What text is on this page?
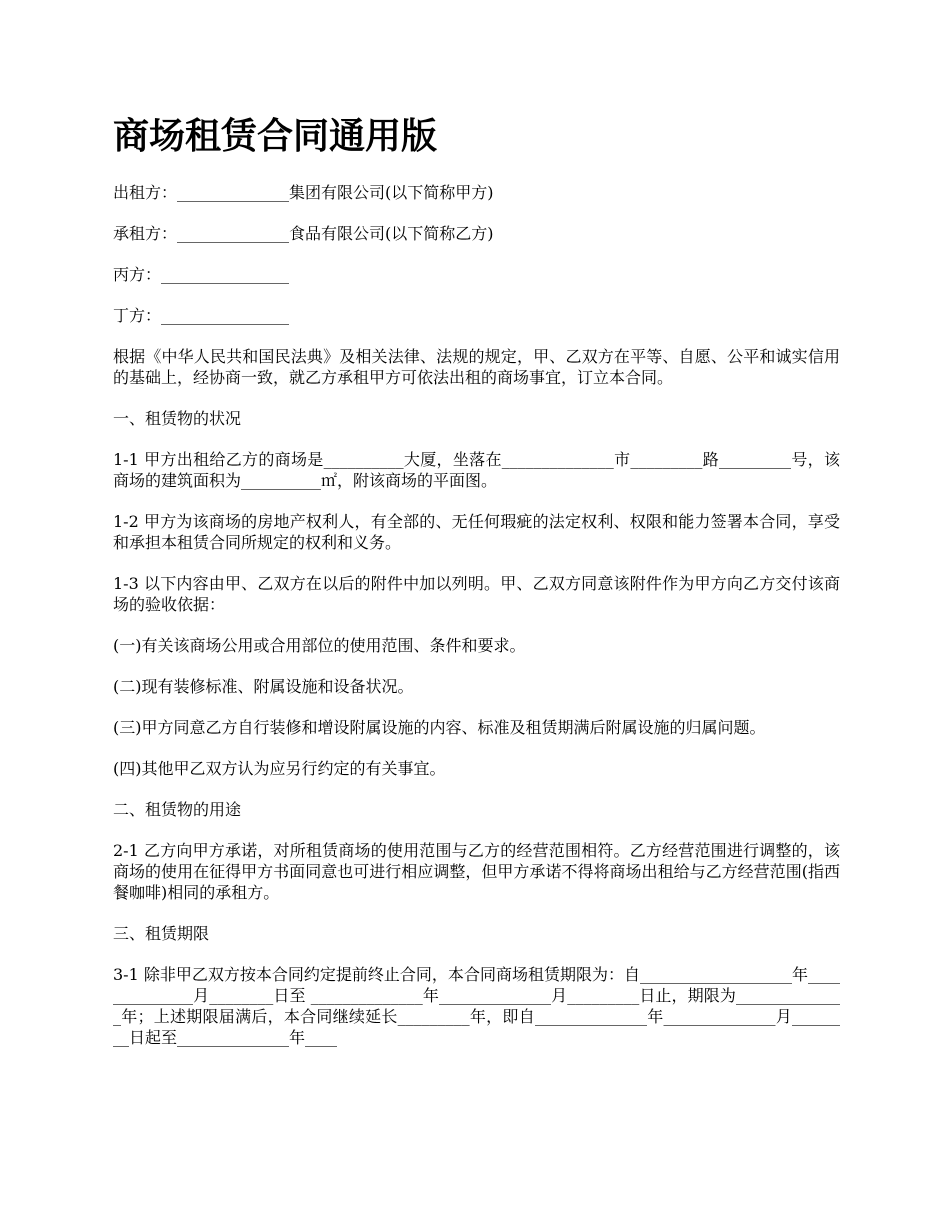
商场租赁合同通用版

出租方：______________集团有限公司(以下简称甲方)

承租方：______________食品有限公司(以下简称乙方)

丙方：________________

丁方：________________

根据《中华人民共和国民法典》及相关法律、法规的规定，甲、乙双方在平等、自愿、公平和诚实信用的基础上，经协商一致，就乙方承租甲方可依法出租的商场事宜，订立本合同。

一、租赁物的状况

1-1 甲方出租给乙方的商场是__________大厦，坐落在______________市_________路_________号，该商场的建筑面积为__________㎡，附该商场的平面图。

1-2 甲方为该商场的房地产权利人，有全部的、无任何瑕疵的法定权利、权限和能力签署本合同，享受和承担本租赁合同所规定的权利和义务。

1-3 以下内容由甲、乙双方在以后的附件中加以列明。甲、乙双方同意该附件作为甲方向乙方交付该商场的验收依据：

(一)有关该商场公用或合用部位的使用范围、条件和要求。

(二)现有装修标准、附属设施和设备状况。

(三)甲方同意乙方自行装修和增设附属设施的内容、标准及租赁期满后附属设施的归属问题。

(四)其他甲乙双方认为应另行约定的有关事宜。

二、租赁物的用途

2-1 乙方向甲方承诺，对所租赁商场的使用范围与乙方的经营范围相符。乙方经营范围进行调整的，该商场的使用在征得甲方书面同意也可进行相应调整，但甲方承诺不得将商场出租给与乙方经营范围(指西餐咖啡)相同的承租方。

三、租赁期限

3-1 除非甲乙双方按本合同约定提前终止合同，本合同商场租赁期限为：自___________________年______________月________日至 ______________年______________月_________日止，期限为______________年；上述期限届满后，本合同继续延长_________年，即自______________年______________月________日起至______________年____
